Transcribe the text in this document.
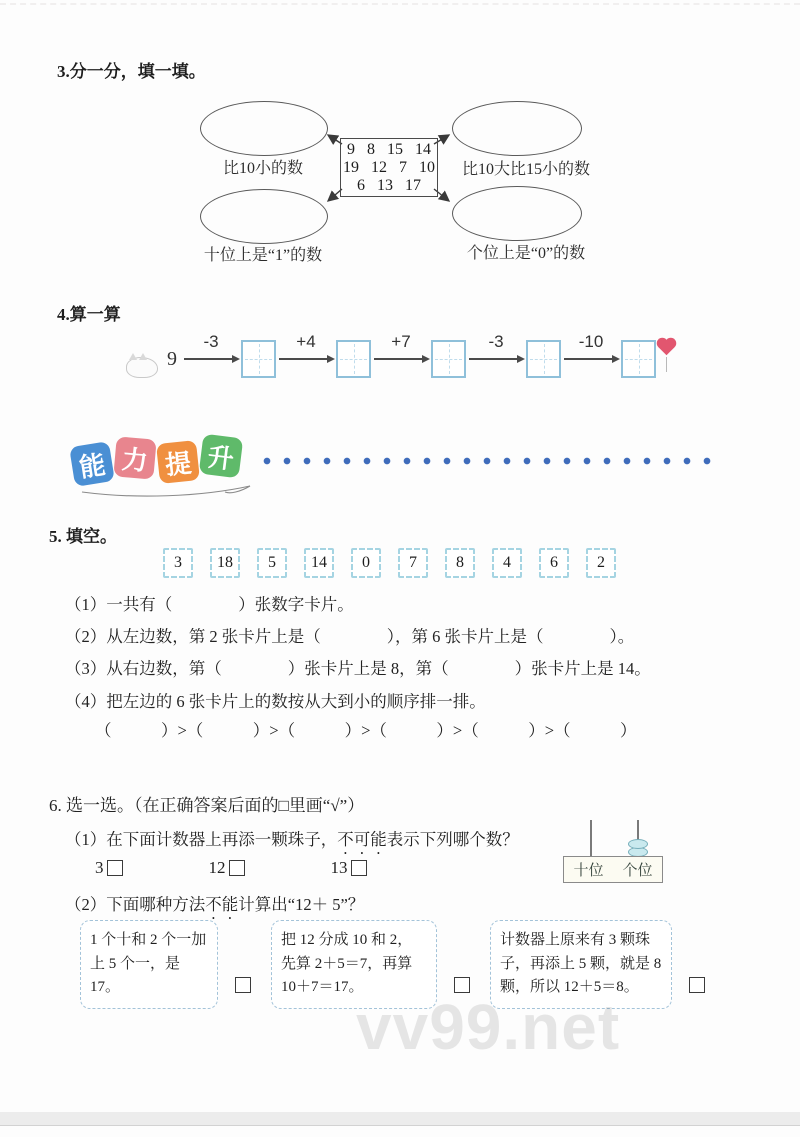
3.分一分，填一填。
比10小的数	比10大比15小的数
十位上是“1”的数	个位上是“0”的数
9   8   15   14
19   12   7   10
6   13   17
4.算一算
9
-3	+4	+7	-3	-10
能 力 提 升
5. 填空。
3	18	5	14	0	7	8	4	6	2
（1）一共有（　　　　）张数字卡片。
（2）从左边数，第 2 张卡片上是（　　　　），第 6 张卡片上是（　　　　）。
（3）从右边数，第（　　　　）张卡片上是 8，第（　　　　）张卡片上是 14。
（4）把左边的 6 张卡片上的数按从大到小的顺序排一排。
（　　　）>（　　　）>（　　　）>（　　　）>（　　　）>（　　　）
6. 选一选。（在正确答案后面的□里画“√”）
（1）在下面计数器上再添一颗珠子，不可能表示下列哪个数？
3	12	13	十位 个位
（2）下面哪种方法不能计算出“12＋ 5”？
1 个十和 2 个一加上 5 个一，是 17。
把 12 分成 10 和 2，先算 2＋5＝7，再算 10＋7＝17。
计数器上原来有 3 颗珠子，再添上 5 颗，就是 8 颗，所以 12＋5＝8。
vv99.net
